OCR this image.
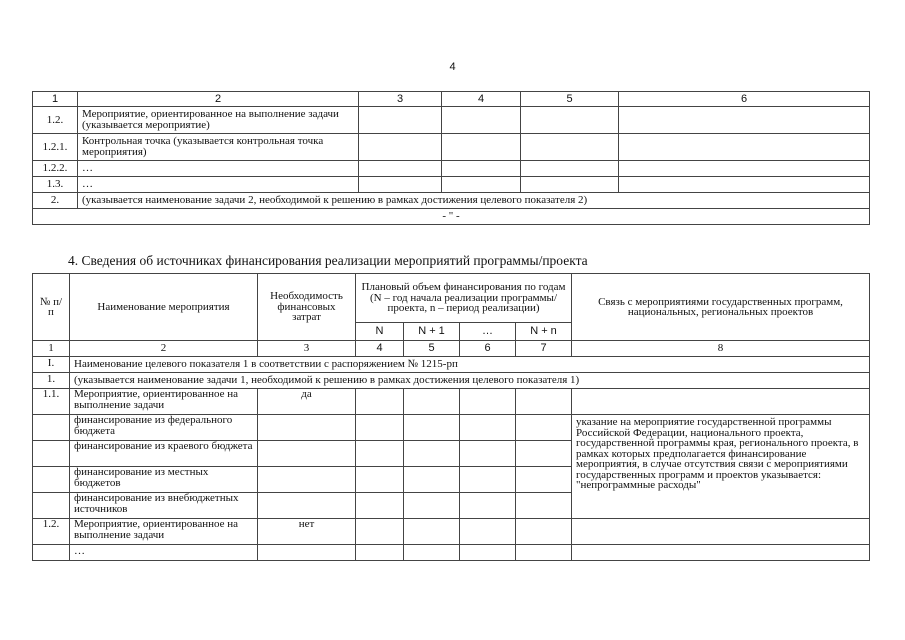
4
1	2	3	4	5	6
1.2.	Мероприятие, ориентированное на выполнение задачи (указывается мероприятие)				
1.2.1.	Контрольная точка (указывается контрольная точка мероприятия)				
1.2.2.	…				
1.3.	…				
2.	(указывается наименование задачи 2, необходимой к решению в рамках достижения целевого показателя 2)				
- " -					
4. Сведения об источниках финансирования реализации мероприятий программы/проекта
№ п/п	Наименование мероприятия	Необходимость финансовых затрат	Плановый объем финансирования по годам (N – год начала реализации программы/проекта, n – период реализации)				Связь с мероприятиями государственных программ, национальных, региональных проектов
			N	N + 1	…	N + n	
1	2	3	4	5	6	7	8
I.	Наименование целевого показателя 1 в соответствии с распоряжением № 1215-рп						
1.	(указывается наименование задачи 1, необходимой к решению в рамках достижения целевого показателя 1)						
1.1.	Мероприятие, ориентированное на выполнение задачи	да					
	финансирование из федерального бюджета						указание на мероприятие государственной программы Российской Федерации, национального проекта, государственной программы края, регионального проекта, в рамках которых предполагается финансирование мероприятия, в случае отсутствия связи с мероприятиями государственных программ и проектов указывается: "непрограммные расходы"
	финансирование из краевого бюджета						
	финансирование из местных бюджетов						
	финансирование из внебюджетных источников						
1.2.	Мероприятие, ориентированное на выполнение задачи	нет					
	…						
